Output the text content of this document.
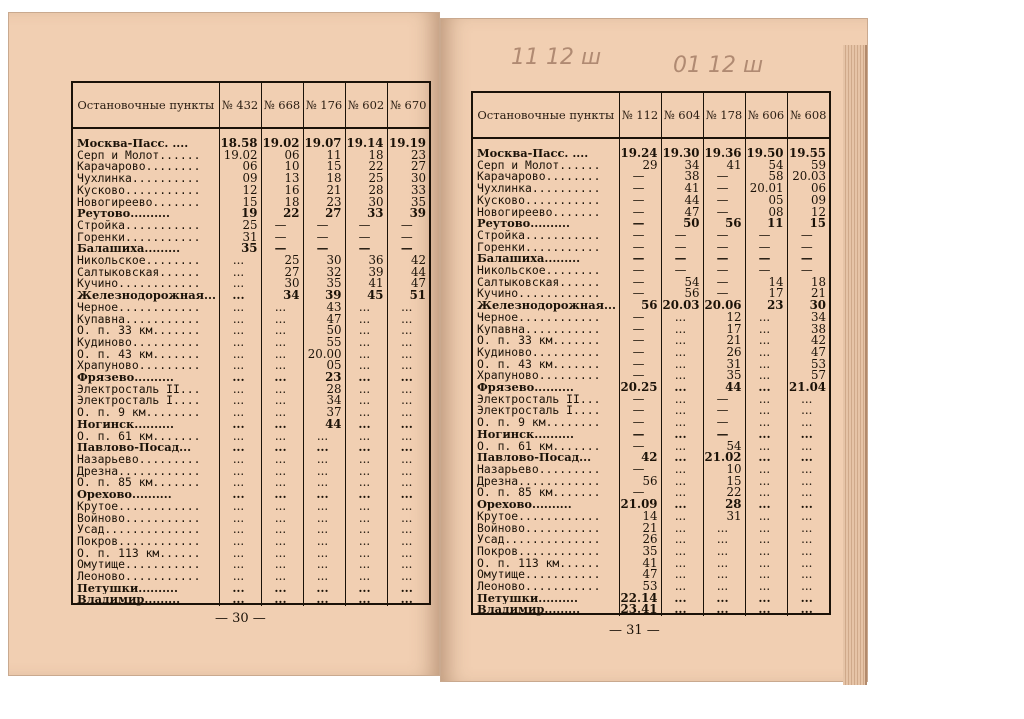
Остановочные пункты	№ 432	№ 668	№ 176	№ 602	№ 670
Москва-Пасс. ....	18.58	19.02	19.07	19.14	19.19
Серп и Молот......	19.02	06	11	18	23
Карачарово........	06	10	15	22	27
Чухлинка..........	09	13	18	25	30
Кусково...........	12	16	21	28	33
Новогиреево.......	15	18	23	30	35
Реутово..........	19	22	27	33	39
Стройка...........	25	—	—	—	—
Горенки...........	31	—	—	—	—
Балашиха.........	35	—	—	—	—
Никольское........	...	25	30	36	42
Салтыковская......	...	27	32	39	44
Кучино............	...	30	35	41	47
Железнодорожная...	...	34	39	45	51
Черное............	...	...	43	...	...
Купавна...........	...	...	47	...	...
О. п. 33 км.......	...	...	50	...	...
Кудиново..........	...	...	55	...	...
О. п. 43 км.......	...	...	20.00	...	...
Храпуново.........	...	...	05	...	...
Фрязево..........	...	...	23	...	...
Электросталь II...	...	...	28	...	...
Электросталь I....	...	...	34	...	...
О. п. 9 км........	...	...	37	...	...
Ногинск..........	...	...	44	...	...
О. п. 61 км.......	...	...	...	...	...
Павлово-Посад...	...	...	...	...	...
Назарьево.........	...	...	...	...	...
Дрезна............	...	...	...	...	...
О. п. 85 км.......	...	...	...	...	...
Орехово..........	...	...	...	...	...
Крутое............	...	...	...	...	...
Войново...........	...	...	...	...	...
Усад..............	...	...	...	...	...
Покров............	...	...	...	...	...
О. п. 113 км......	...	...	...	...	...
Омутище...........	...	...	...	...	...
Леоново...........	...	...	...	...	...
Петушки..........	...	...	...	...	...
Владимир.........	...	...	...	...	...
— 30 —
11 12 ш	01 12 ш
Остановочные пункты	№ 112	№ 604	№ 178	№ 606	№ 608
Москва-Пасс. ....	19.24	19.30	19.36	19.50	19.55
Серп и Молот......	29	34	41	54	59
Карачарово........	—	38	—	58	20.03
Чухлинка..........	—	41	—	20.01	06
Кусково...........	—	44	—	05	09
Новогиреево.......	—	47	—	08	12
Реутово..........	—	50	56	11	15
Стройка...........	—	—	—	—	—
Горенки...........	—	—	—	—	—
Балашиха.........	—	—	—	—	—
Никольское........	—	—	—	—	—
Салтыковская......	—	54	—	14	18
Кучино............	—	56	—	17	21
Железнодорожная...	56	20.03	20.06	23	30
Черное............	—	...	12	...	34
Купавна...........	—	...	17	...	38
О. п. 33 км.......	—	...	21	...	42
Кудиново..........	—	...	26	...	47
О. п. 43 км.......	—	...	31	...	53
Храпуново.........	—	...	35	...	57
Фрязево..........	20.25	...	44	...	21.04
Электросталь II...	—	...	—	...	...
Электросталь I....	—	...	—	...	...
О. п. 9 км........	—	...	—	...	...
Ногинск..........	—	...	—	...	...
О. п. 61 км.......	—	...	54	...	...
Павлово-Посад...	42	...	21.02	...	...
Назарьево.........	—	...	10	...	...
Дрезна............	56	...	15	...	...
О. п. 85 км.......	—	...	22	...	...
Орехово..........	21.09	...	28	...	...
Крутое............	14	...	31	...	...
Войново...........	21	...	...	...	...
Усад..............	26	...	...	...	...
Покров............	35	...	...	...	...
О. п. 113 км......	41	...	...	...	...
Омутище...........	47	...	...	...	...
Леоново...........	53	...	...	...	...
Петушки..........	22.14	...	...	...	...
Владимир.........	23.41	...	...	...	...
— 31 —
